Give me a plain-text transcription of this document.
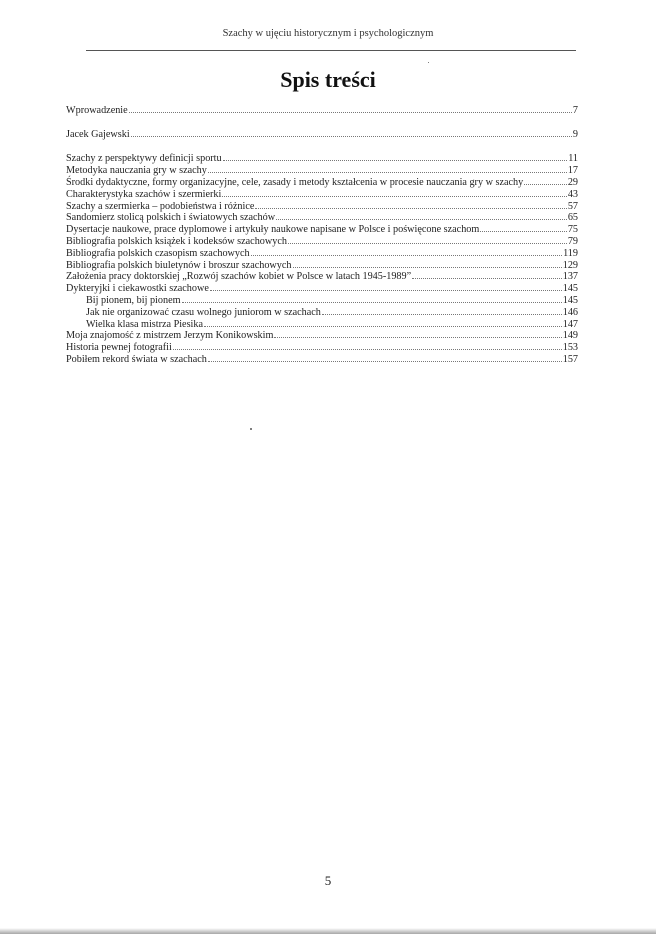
Szachy w ujęciu historycznym i psychologicznym
Spis treści
Wprowadzenie	7
Jacek Gajewski	9
Szachy z perspektywy definicji sportu	11
Metodyka nauczania gry w szachy	17
Środki dydaktyczne, formy organizacyjne, cele, zasady i metody kształcenia w procesie nauczania gry w szachy	29
Charakterystyka szachów i szermierki	43
Szachy a szermierka – podobieństwa i różnice	57
Sandomierz stolicą polskich i światowych szachów	65
Dysertacje naukowe, prace dyplomowe i artykuły naukowe napisane w Polsce i poświęcone szachom	75
Bibliografia polskich książek i kodeksów szachowych	79
Bibliografia polskich czasopism szachowych	119
Bibliografia polskich biuletynów i broszur szachowych	129
Założenia pracy doktorskiej „Rozwój szachów kobiet w Polsce w latach 1945-1989”	137
Dykteryjki i ciekawostki szachowe	145
Bij pionem, bij pionem	145
Jak nie organizować czasu wolnego juniorom w szachach	146
Wielka klasa mistrza Piesika	147
Moja znajomość z mistrzem Jerzym Konikowskim	149
Historia pewnej fotografii	153
Pobiłem rekord świata w szachach	157
5
